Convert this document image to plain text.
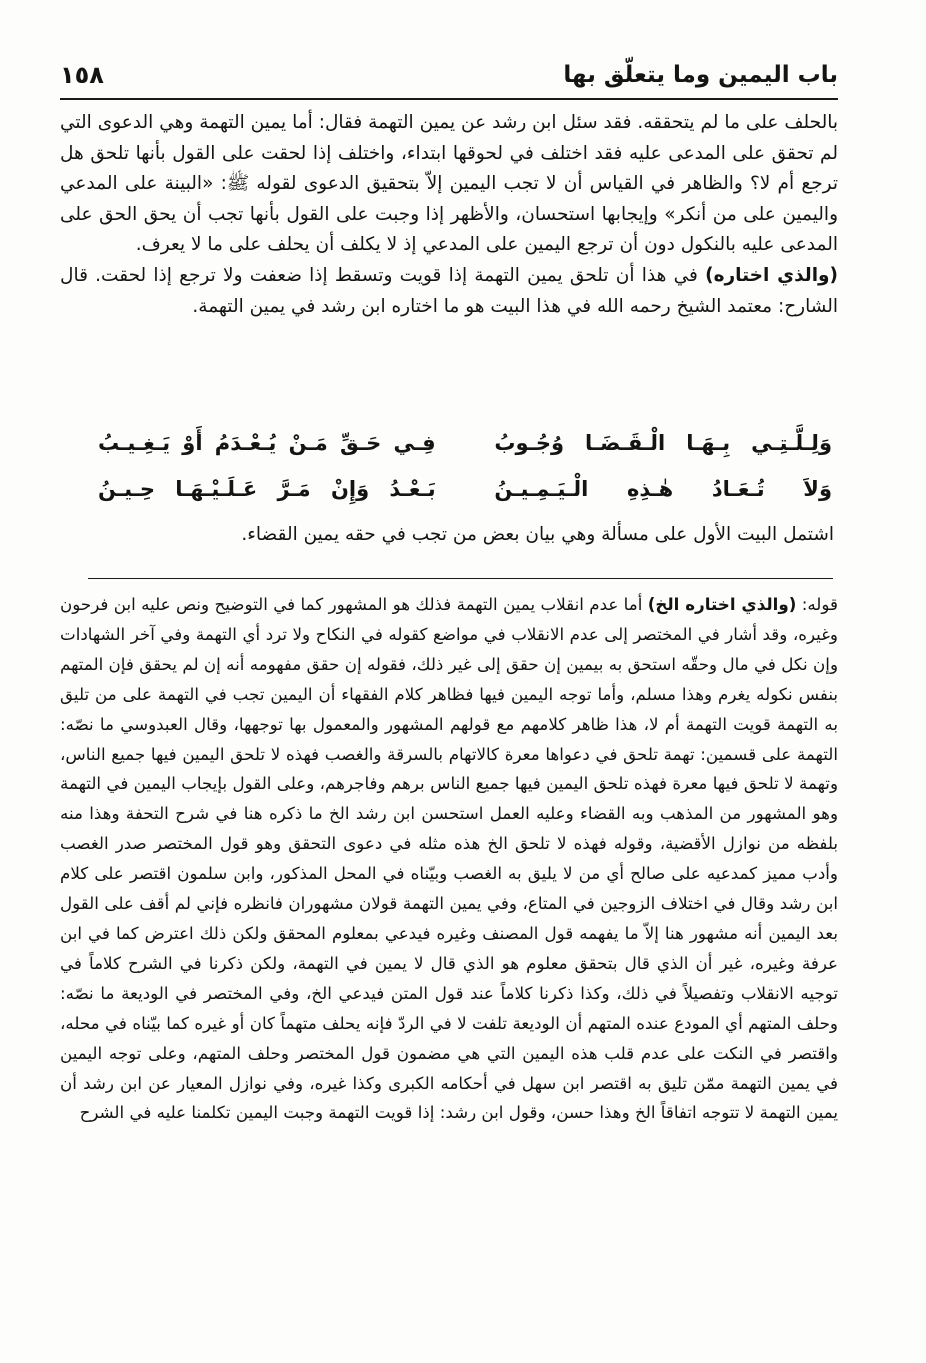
باب اليمين وما يتعلّق بها
١٥٨

بالحلف على ما لم يتحققه. فقد سئل ابن رشد عن يمين التهمة فقال: أما يمين التهمة وهي الدعوى التي لم تحقق على المدعى عليه فقد اختلف في لحوقها ابتداء، واختلف إذا لحقت على القول بأنها تلحق هل ترجع أم لا؟ والظاهر في القياس أن لا تجب اليمين إلاّ بتحقيق الدعوى لقوله ﷺ: «البينة على المدعي واليمين على من أنكر» وإيجابها استحسان، والأظهر إذا وجبت على القول بأنها تجب أن يحق الحق على المدعى عليه بالنكول دون أن ترجع اليمين على المدعي إذ لا يكلف أن يحلف على ما لا يعرف.

(والذي اختاره) في هذا أن تلحق يمين التهمة إذا قويت وتسقط إذا ضعفت ولا ترجع إذا لحقت. قال الشارح: معتمد الشيخ رحمه الله في هذا البيت هو ما اختاره ابن رشد في يمين التهمة.

وَلِـلَّـتِـي بِـهَـا الْـقَـضَـا وُجُـوبُ
فِـي حَـقِّ مَـنْ يُـعْـدَمُ أَوْ يَـغِـيـبُ
وَلاَ تُـعَـادُ هٰـذِهِ الْـيَـمِـيـنُ
بَـعْـدُ وَإِنْ مَـرَّ عَـلَـيْـهَـا حِـيـنُ
اشتمل البيت الأول على مسألة وهي بيان بعض من تجب في حقه يمين القضاء.

قوله: (والذي اختاره الخ) أما عدم انقلاب يمين التهمة فذلك هو المشهور كما في التوضيح ونص عليه ابن فرحون وغيره، وقد أشار في المختصر إلى عدم الانقلاب في مواضع كقوله في النكاح ولا ترد أي التهمة وفي آخر الشهادات وإن نكل في مال وحقّه استحق به بيمين إن حقق إلى غير ذلك، فقوله إن حقق مفهومه أنه إن لم يحقق فإن المتهم بنفس نكوله يغرم وهذا مسلم، وأما توجه اليمين فيها فظاهر كلام الفقهاء أن اليمين تجب في التهمة على من تليق به التهمة قويت التهمة أم لا، هذا ظاهر كلامهم مع قولهم المشهور والمعمول بها توجهها، وقال العبدوسي ما نصّه: التهمة على قسمين: تهمة تلحق في دعواها معرة كالاتهام بالسرقة والغصب فهذه لا تلحق اليمين فيها جميع الناس، وتهمة لا تلحق فيها معرة فهذه تلحق اليمين فيها جميع الناس برهم وفاجرهم، وعلى القول بإيجاب اليمين في التهمة وهو المشهور من المذهب وبه القضاء وعليه العمل استحسن ابن رشد الخ ما ذكره هنا في شرح التحفة وهذا منه بلفظه من نوازل الأقضية، وقوله فهذه لا تلحق الخ هذه مثله في دعوى التحقق وهو قول المختصر صدر الغصب وأدب مميز كمدعيه على صالح أي من لا يليق به الغصب وبيّناه في المحل المذكور، وابن سلمون اقتصر على كلام ابن رشد وقال في اختلاف الزوجين في المتاع، وفي يمين التهمة قولان مشهوران فانظره فإني لم أقف على القول بعد اليمين أنه مشهور هنا إلاّ ما يفهمه قول المصنف وغيره فيدعي بمعلوم المحقق ولكن ذلك اعترض كما في ابن عرفة وغيره، غير أن الذي قال بتحقق معلوم هو الذي قال لا يمين في التهمة، ولكن ذكرنا في الشرح كلاماً في توجيه الانقلاب وتفصيلاً في ذلك، وكذا ذكرنا كلاماً عند قول المتن فيدعي الخ، وفي المختصر في الوديعة ما نصّه: وحلف المتهم أي المودع عنده المتهم أن الوديعة تلفت لا في الردّ فإنه يحلف متهماً كان أو غيره كما بيّناه في محله، واقتصر في النكت على عدم قلب هذه اليمين التي هي مضمون قول المختصر وحلف المتهم، وعلى توجه اليمين في يمين التهمة ممّن تليق به اقتصر ابن سهل في أحكامه الكبرى وكذا غيره، وفي نوازل المعيار عن ابن رشد أن يمين التهمة لا تتوجه اتفاقاً الخ وهذا حسن، وقول ابن رشد: إذا قويت التهمة وجبت اليمين تكلمنا عليه في الشرح
